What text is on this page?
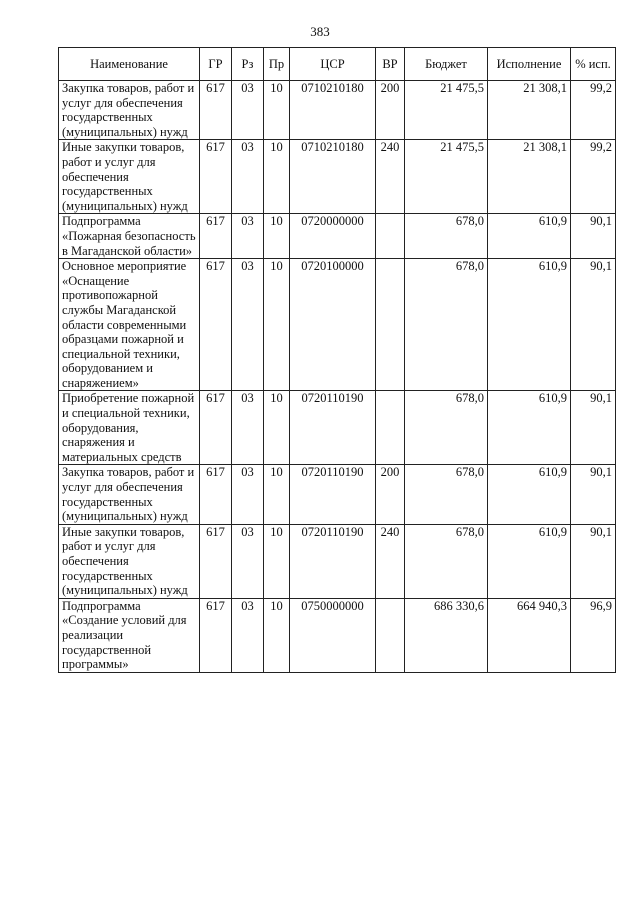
383
Наименование	ГР	Рз	Пр	ЦСР	ВР	Бюджет	Исполнение	% исп.
Закупка товаров, работ и услуг для обеспечения государственных (муниципальных) нужд	617	03	10	0710210180	200	21 475,5	21 308,1	99,2
Иные закупки товаров, работ и услуг для обеспечения государственных (муниципальных) нужд	617	03	10	0710210180	240	21 475,5	21 308,1	99,2
Подпрограмма «Пожарная безопасность в Магаданской области»	617	03	10	0720000000		678,0	610,9	90,1
Основное мероприятие «Оснащение противопожарной службы Магаданской области современными образцами пожарной и специальной техники, оборудованием и снаряжением»	617	03	10	0720100000		678,0	610,9	90,1
Приобретение пожарной и специальной техники, оборудования, снаряжения и материальных средств	617	03	10	0720110190		678,0	610,9	90,1
Закупка товаров, работ и услуг для обеспечения государственных (муниципальных) нужд	617	03	10	0720110190	200	678,0	610,9	90,1
Иные закупки товаров, работ и услуг для обеспечения государственных (муниципальных) нужд	617	03	10	0720110190	240	678,0	610,9	90,1
Подпрограмма «Создание условий для реализации государственной программы»	617	03	10	0750000000		686 330,6	664 940,3	96,9
